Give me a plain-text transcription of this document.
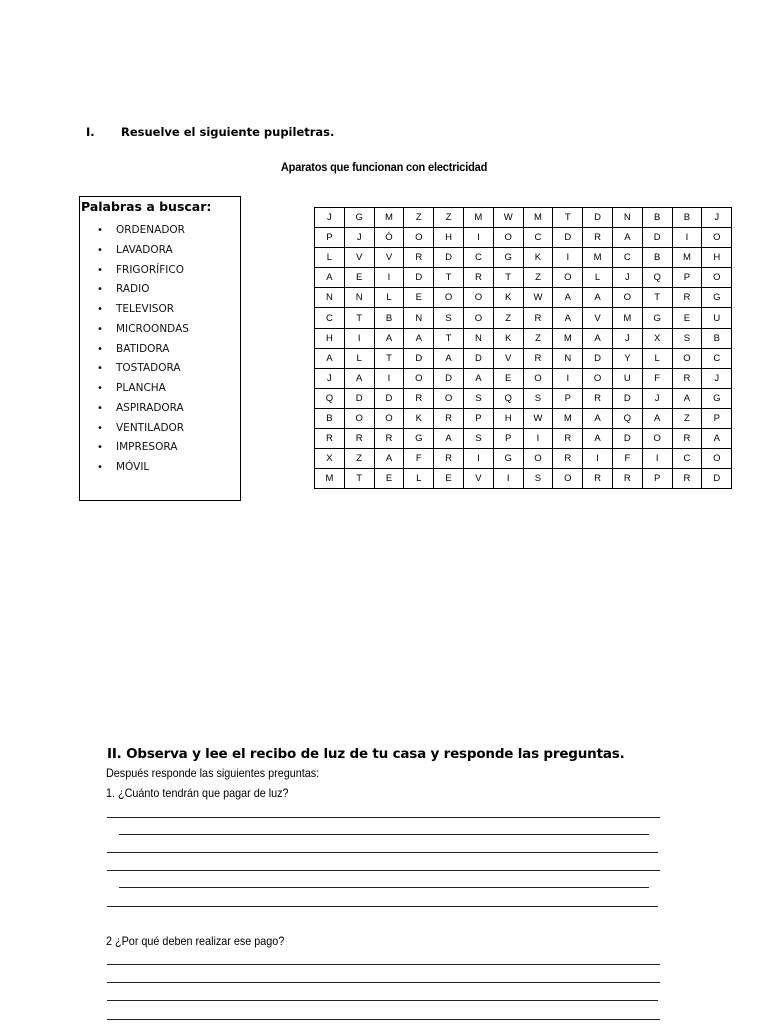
I. Resuelve el siguiente pupiletras.
Aparatos que funcionan con electricidad
Palabras a buscar:
• ORDENADOR
• LAVADORA
• FRIGORÍFICO
• RADIO
• TELEVISOR
• MICROONDAS
• BATIDORA
• TOSTADORA
• PLANCHA
• ASPIRADORA
• VENTILADOR
• IMPRESORA
• MÓVIL
J	G	M	Z	Z	M	W	M	T	D	N	B	B	J
P	J	Ó	O	H	I	O	C	D	R	A	D	I	O
L	V	V	R	D	C	G	K	I	M	C	B	M	H
A	E	I	D	T	R	T	Z	O	L	J	Q	P	O
N	N	L	E	O	O	K	W	A	A	O	T	R	G
C	T	B	N	S	O	Z	R	A	V	M	G	E	U
H	I	A	A	T	N	K	Z	M	A	J	X	S	B
A	L	T	D	A	D	V	R	N	D	Y	L	O	C
J	A	I	O	D	A	E	O	I	O	U	F	R	J
Q	D	D	R	O	S	Q	S	P	R	D	J	A	G
B	O	O	K	R	P	H	W	M	A	Q	A	Z	P
R	R	R	G	A	S	P	I	R	A	D	O	R	A
X	Z	A	F	R	I	G	O	R	I	F	I	C	O
M	T	E	L	E	V	I	S	O	R	R	P	R	D
II. Observa y lee el recibo de luz de tu casa y responde las preguntas.
Después responde las siguientes preguntas:
1. ¿Cuánto tendrán que pagar de luz?
2 ¿Por qué deben realizar ese pago?
